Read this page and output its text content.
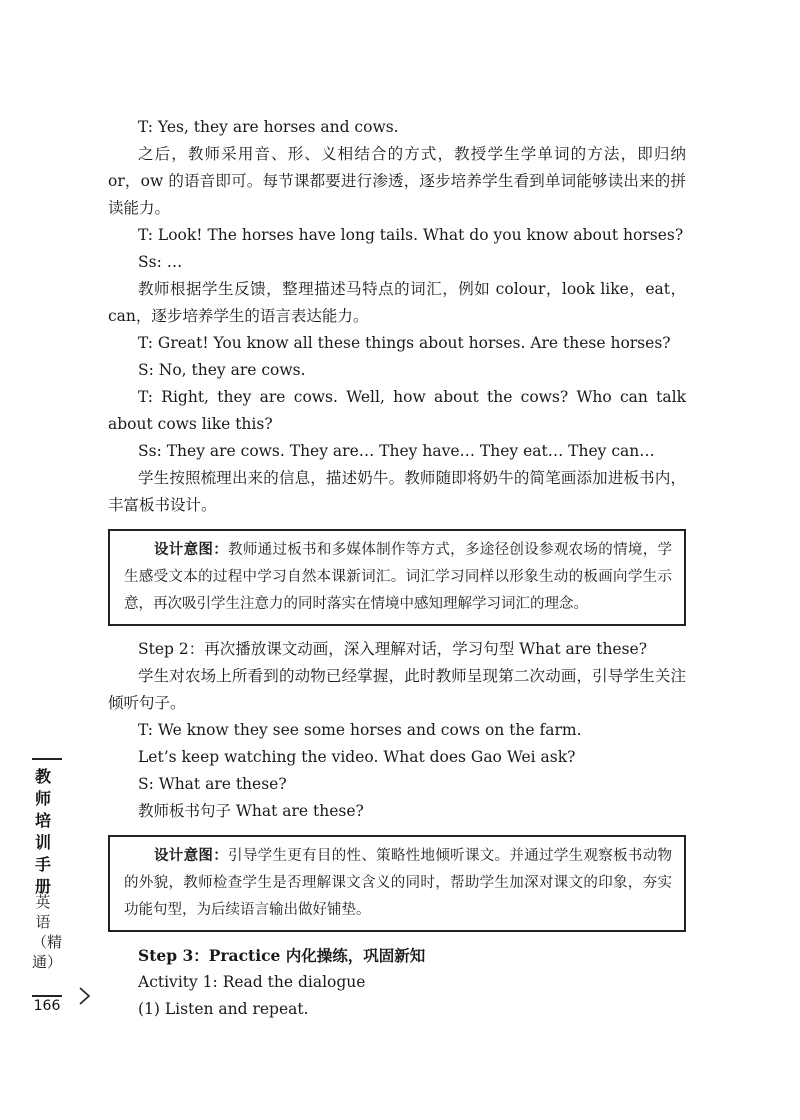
T: Yes, they are horses and cows.

之后，教师采用音、形、义相结合的方式，教授学生学单词的方法，即归纳 or，ow 的语音即可。每节课都要进行渗透，逐步培养学生看到单词能够读出来的拼读能力。

T: Look! The horses have long tails. What do you know about horses?

Ss: …

教师根据学生反馈，整理描述马特点的词汇，例如 colour，look like，eat，can，逐步培养学生的语言表达能力。

T: Great! You know all these things about horses. Are these horses?

S: No, they are cows.

T: Right, they are cows. Well, how about the cows? Who can talk about cows like this?

Ss: They are cows. They are… They have… They eat… They can…

学生按照梳理出来的信息，描述奶牛。教师随即将奶牛的简笔画添加进板书内，丰富板书设计。

设计意图：教师通过板书和多媒体制作等方式，多途径创设参观农场的情境，学生感受文本的过程中学习自然本课新词汇。词汇学习同样以形象生动的板画向学生示意，再次吸引学生注意力的同时落实在情境中感知理解学习词汇的理念。

Step 2：再次播放课文动画，深入理解对话，学习句型 What are these?

学生对农场上所看到的动物已经掌握，此时教师呈现第二次动画，引导学生关注倾听句子。

T: We know they see some horses and cows on the farm.

Let’s keep watching the video. What does Gao Wei ask?

S: What are these?

教师板书句子 What are these?

设计意图：引导学生更有目的性、策略性地倾听课文。并通过学生观察板书动物的外貌，教师检查学生是否理解课文含义的同时，帮助学生加深对课文的印象，夯实功能句型，为后续语言输出做好铺垫。

Step 3：Practice 内化操练，巩固新知

Activity 1: Read the dialogue

(1) Listen and repeat.

教师培训手册
英语（精通）
166
